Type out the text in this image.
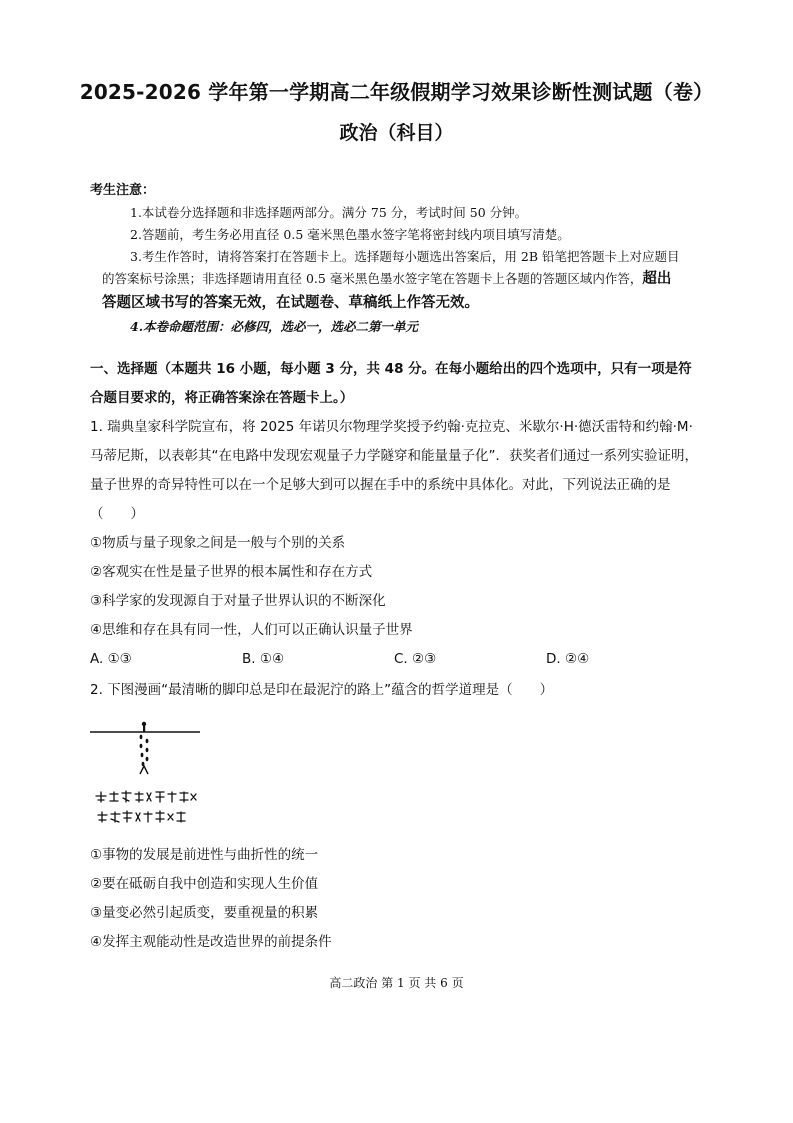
2025-2026 学年第一学期高二年级假期学习效果诊断性测试题（卷）
政治（科目）
考生注意：
1.本试卷分选择题和非选择题两部分。满分 75 分，考试时间 50 分钟。
2.答题前，考生务必用直径 0.5 毫米黑色墨水签字笔将密封线内项目填写清楚。
3.考生作答时，请将答案打在答题卡上。选择题每小题选出答案后，用 2B 铅笔把答题卡上对应题目
的答案标号涂黑；非选择题请用直径 0.5 毫米黑色墨水签字笔在答题卡上各题的答题区域内作答，超出
答题区域书写的答案无效，在试题卷、草稿纸上作答无效。
4.本卷命题范围：必修四，选必一，选必二第一单元
一、选择题（本题共 16 小题，每小题 3 分，共 48 分。在每小题给出的四个选项中，只有一项是符合题目要求的，将正确答案涂在答题卡上。）

1. 瑞典皇家科学院宣布，将 2025 年诺贝尔物理学奖授予约翰·克拉克、米歇尔·H·德沃雷特和约翰·M·马蒂尼斯，以表彰其“在电路中发现宏观量子力学隧穿和能量量子化”．获奖者们通过一系列实验证明，量子世界的奇异特性可以在一个足够大到可以握在手中的系统中具体化。对此，下列说法正确的是（　　）

①物质与量子现象之间是一般与个别的关系

②客观实在性是量子世界的根本属性和存在方式

③科学家的发现源自于对量子世界认识的不断深化

④思维和存在具有同一性，人们可以正确认识量子世界

A. ①③	B. ①④	C. ②③	D. ②④
2. 下图漫画“最清晰的脚印总是印在最泥泞的路上”蕴含的哲学道理是（　　）

①事物的发展是前进性与曲折性的统一

②要在砥砺自我中创造和实现人生价值

③量变必然引起质变，要重视量的积累

④发挥主观能动性是改造世界的前提条件

高二政治 第 1 页 共 6 页
